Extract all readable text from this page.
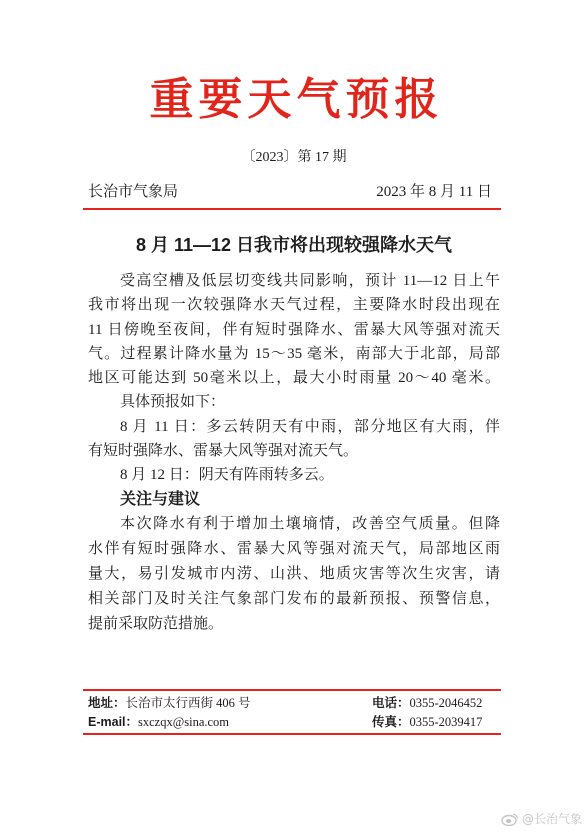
重要天气预报
〔2023〕第 17 期
长治市气象局	2023 年 8 月 11 日
8 月 11—12 日我市将出现较强降水天气
受高空槽及低层切变线共同影响，预计 11—12 日上午
我市将出现一次较强降水天气过程，主要降水时段出现在
11 日傍晚至夜间，伴有短时强降水、雷暴大风等强对流天
气。过程累计降水量为 15～35 毫米，南部大于北部，局部
地区可能达到 50毫米以上，最大小时雨量 20～40 毫米。
具体预报如下：
8 月 11 日：多云转阴天有中雨，部分地区有大雨，伴
有短时强降水、雷暴大风等强对流天气。
8 月 12 日：阴天有阵雨转多云。
关注与建议
本次降水有利于增加土壤墒情，改善空气质量。但降
水伴有短时强降水、雷暴大风等强对流天气，局部地区雨
量大，易引发城市内涝、山洪、地质灾害等次生灾害，请
相关部门及时关注气象部门发布的最新预报、预警信息，
提前采取防范措施。
地址：长治市太行西街 406 号	电话：0355-2046452
E-mail：sxczqx@sina.com	传真：0355-2039417
@长治气象
